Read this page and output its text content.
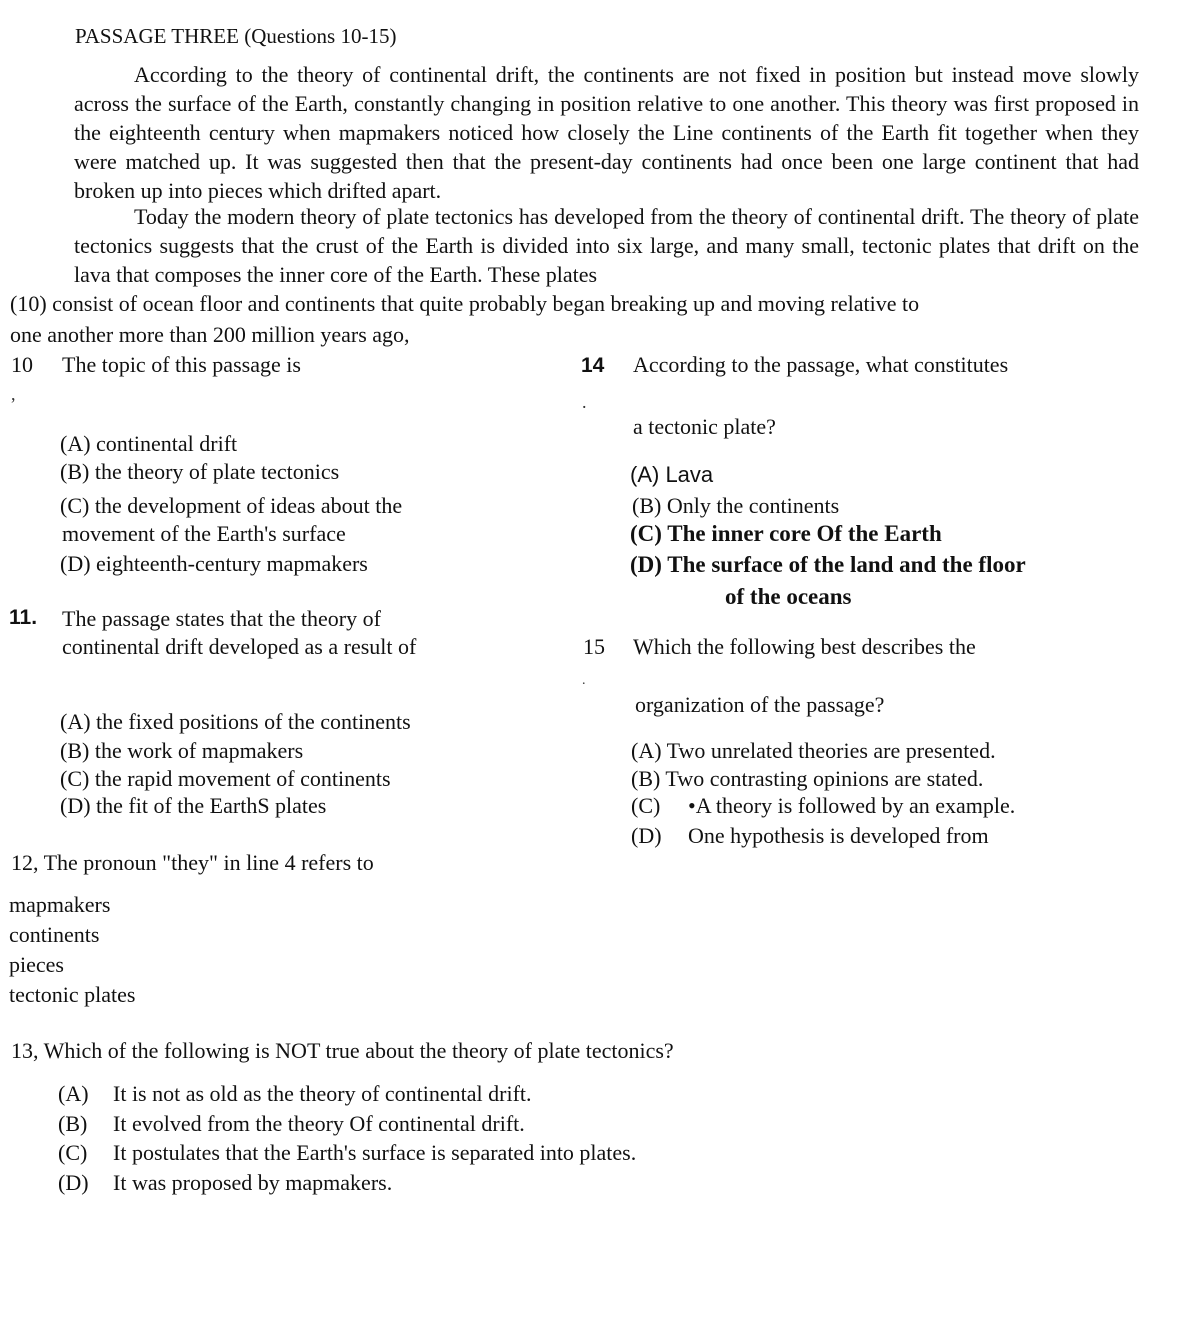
PASSAGE THREE (Questions 10-15)
According to the theory of continental drift, the continents are not fixed in position but instead move slowly across the surface of the Earth, constantly changing in position relative to one another. This theory was first proposed in the eighteenth century when mapmakers noticed how closely the Line continents of the Earth fit together when they were matched up. It was suggested then that the present-day continents had once been one large continent that had broken up into pieces which drifted apart.
Today the modern theory of plate tectonics has developed from the theory of continental drift. The theory of plate tectonics suggests that the crust of the Earth is divided into six large, and many small, tectonic plates that drift on the lava that composes the inner core of the Earth. These plates
(10) consist of ocean floor and continents that quite probably began breaking up and moving relative to
one another more than 200 million years ago,
10 The topic of this passage is
,
(A) continental drift
(B) the theory of plate tectonics
(C) the development of ideas about the
movement of the Earth's surface
(D) eighteenth-century mapmakers
11. The passage states that the theory of
continental drift developed as a result of
(A) the fixed positions of the continents
(B) the work of mapmakers
(C) the rapid movement of continents
(D) the fit of the EarthS plates
12, The pronoun "they" in line 4 refers to
mapmakers
continents
pieces
tectonic plates
13, Which of the following is NOT true about the theory of plate tectonics?
(A) It is not as old as the theory of continental drift.
(B) It evolved from the theory Of continental drift.
(C) It postulates that the Earth's surface is separated into plates.
(D) It was proposed by mapmakers.
14 According to the passage, what constitutes
.
a tectonic plate?
(A) Lava
(B) Only the continents
(C) The inner core Of the Earth
(D) The surface of the land and the floor
of the oceans
15 Which the following best describes the
.
organization of the passage?
(A) Two unrelated theories are presented.
(B) Two contrasting opinions are stated.
(C) •A theory is followed by an example.
(D) One hypothesis is developed from
